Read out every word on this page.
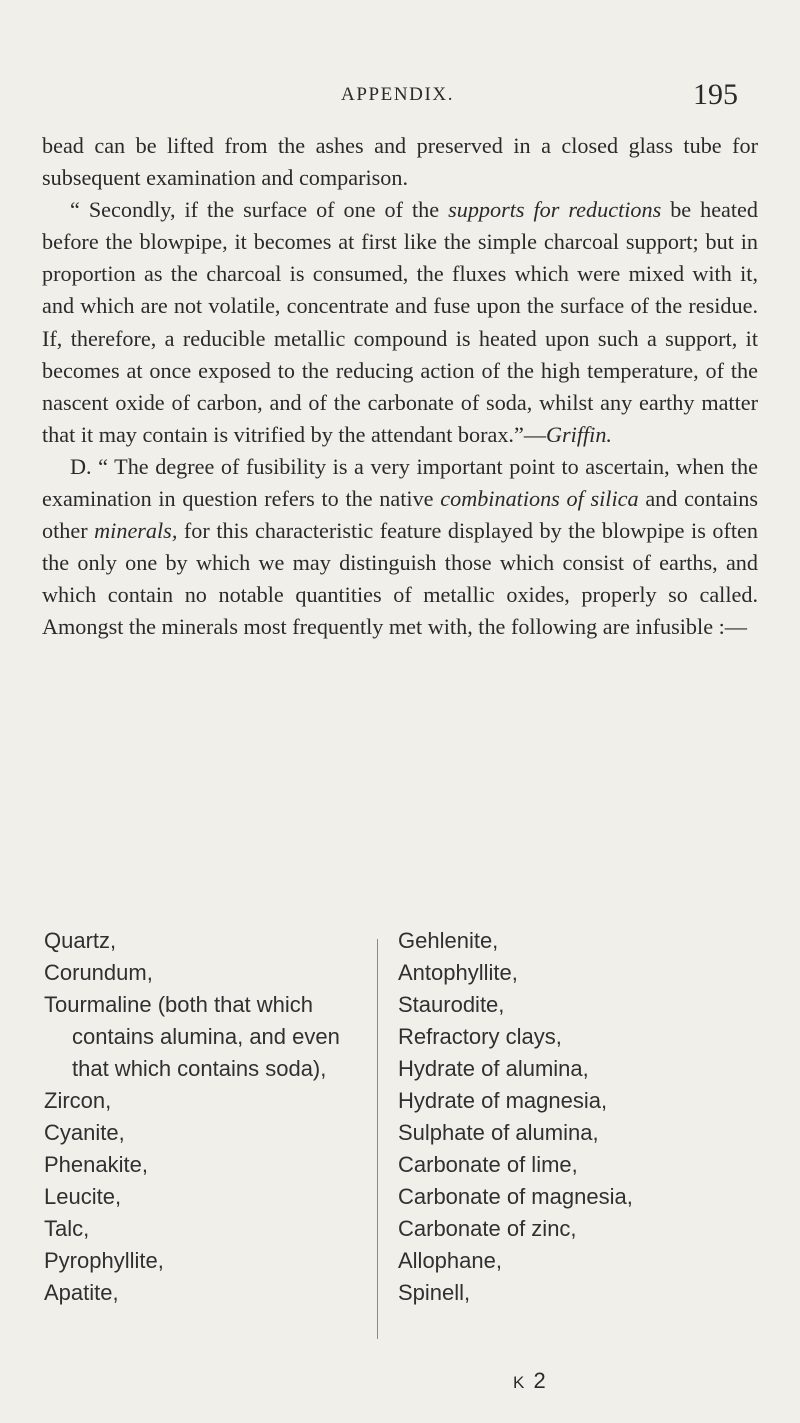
APPENDIX.	195

bead can be lifted from the ashes and preserved in a closed glass tube for subsequent examination and comparison.

“ Secondly, if the surface of one of the supports for reductions be heated before the blowpipe, it becomes at first like the simple charcoal support; but in proportion as the charcoal is consumed, the fluxes which were mixed with it, and which are not volatile, concentrate and fuse upon the surface of the residue. If, therefore, a reducible metallic compound is heated upon such a support, it becomes at once exposed to the reducing action of the high temperature, of the nascent oxide of carbon, and of the carbonate of soda, whilst any earthy matter that it may contain is vitrified by the attendant borax.”—Griffin.

D. “ The degree of fusibility is a very important point to ascertain, when the examination in question refers to the native combinations of silica and contains other minerals, for this characteristic feature displayed by the blowpipe is often the only one by which we may distinguish those which consist of earths, and which contain no notable quantities of metallic oxides, properly so called. Amongst the minerals most frequently met with, the following are infusible :—

Quartz,
Corundum,
Tourmaline (both that which
contains alumina, and even
that which contains soda),
Zircon,
Cyanite,
Phenakite,
Leucite,
Talc,
Pyrophyllite,
Apatite,
Gehlenite,
Antophyllite,
Staurodite,
Refractory clays,
Hydrate of alumina,
Hydrate of magnesia,
Sulphate of alumina,
Carbonate of lime,
Carbonate of magnesia,
Carbonate of zinc,
Allophane,
Spinell,
K 2
